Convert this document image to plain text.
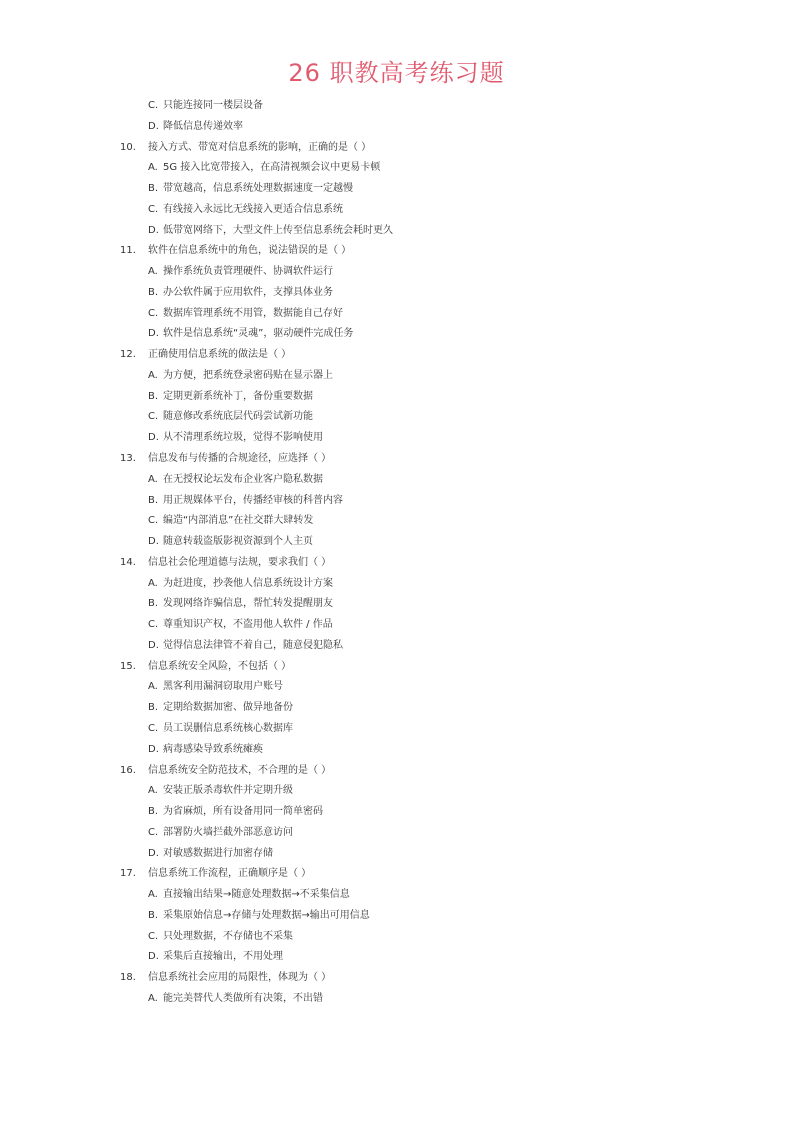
26 职教高考练习题
C. 只能连接同一楼层设备
D. 降低信息传递效率
10. 接入方式、带宽对信息系统的影响，正确的是（ ）
A. 5G 接入比宽带接入，在高清视频会议中更易卡顿
B. 带宽越高，信息系统处理数据速度一定越慢
C. 有线接入永远比无线接入更适合信息系统
D. 低带宽网络下，大型文件上传至信息系统会耗时更久
11. 软件在信息系统中的角色，说法错误的是（ ）
A. 操作系统负责管理硬件、协调软件运行
B. 办公软件属于应用软件，支撑具体业务
C. 数据库管理系统不用管，数据能自己存好
D. 软件是信息系统“灵魂”，驱动硬件完成任务
12. 正确使用信息系统的做法是（ ）
A. 为方便，把系统登录密码贴在显示器上
B. 定期更新系统补丁，备份重要数据
C. 随意修改系统底层代码尝试新功能
D. 从不清理系统垃圾，觉得不影响使用
13. 信息发布与传播的合规途径，应选择（ ）
A. 在无授权论坛发布企业客户隐私数据
B. 用正规媒体平台，传播经审核的科普内容
C. 编造“内部消息”在社交群大肆转发
D. 随意转载盗版影视资源到个人主页
14. 信息社会伦理道德与法规，要求我们（ ）
A. 为赶进度，抄袭他人信息系统设计方案
B. 发现网络诈骗信息，帮忙转发提醒朋友
C. 尊重知识产权，不盗用他人软件 / 作品
D. 觉得信息法律管不着自己，随意侵犯隐私
15. 信息系统安全风险，不包括（ ）
A. 黑客利用漏洞窃取用户账号
B. 定期给数据加密、做异地备份
C. 员工误删信息系统核心数据库
D. 病毒感染导致系统瘫痪
16. 信息系统安全防范技术，不合理的是（ ）
A. 安装正版杀毒软件并定期升级
B. 为省麻烦，所有设备用同一简单密码
C. 部署防火墙拦截外部恶意访问
D. 对敏感数据进行加密存储
17. 信息系统工作流程，正确顺序是（ ）
A. 直接输出结果→随意处理数据→不采集信息
B. 采集原始信息→存储与处理数据→输出可用信息
C. 只处理数据，不存储也不采集
D. 采集后直接输出，不用处理
18. 信息系统社会应用的局限性，体现为（ ）
A. 能完美替代人类做所有决策，不出错
